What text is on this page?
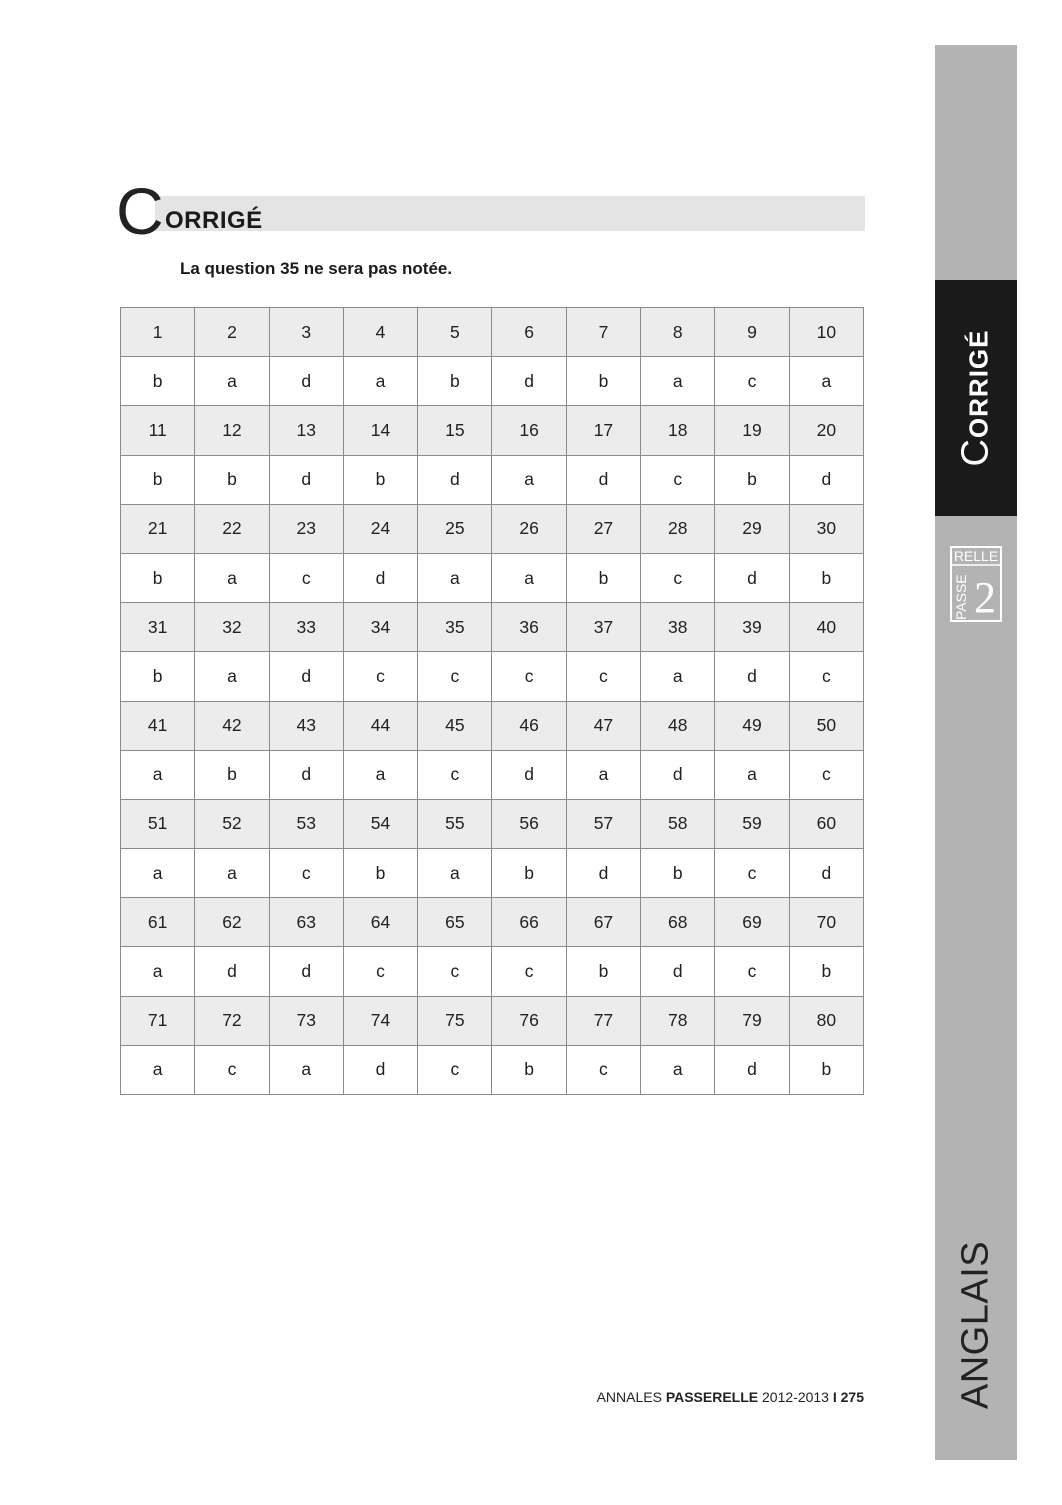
C ORRIGÉ
La question 35 ne sera pas notée.
1	2	3	4	5	6	7	8	9	10
b	a	d	a	b	d	b	a	c	a
11	12	13	14	15	16	17	18	19	20
b	b	d	b	d	a	d	c	b	d
21	22	23	24	25	26	27	28	29	30
b	a	c	d	a	a	b	c	d	b
31	32	33	34	35	36	37	38	39	40
b	a	d	c	c	c	c	a	d	c
41	42	43	44	45	46	47	48	49	50
a	b	d	a	c	d	a	d	a	c
51	52	53	54	55	56	57	58	59	60
a	a	c	b	a	b	d	b	c	d
61	62	63	64	65	66	67	68	69	70
a	d	d	c	c	c	b	d	c	b
71	72	73	74	75	76	77	78	79	80
a	c	a	d	c	b	c	a	d	b
ANNALES PASSERELLE 2012-2013 I 275
CORRIGÉ
RELLE
PASSE 2
ANGLAIS
